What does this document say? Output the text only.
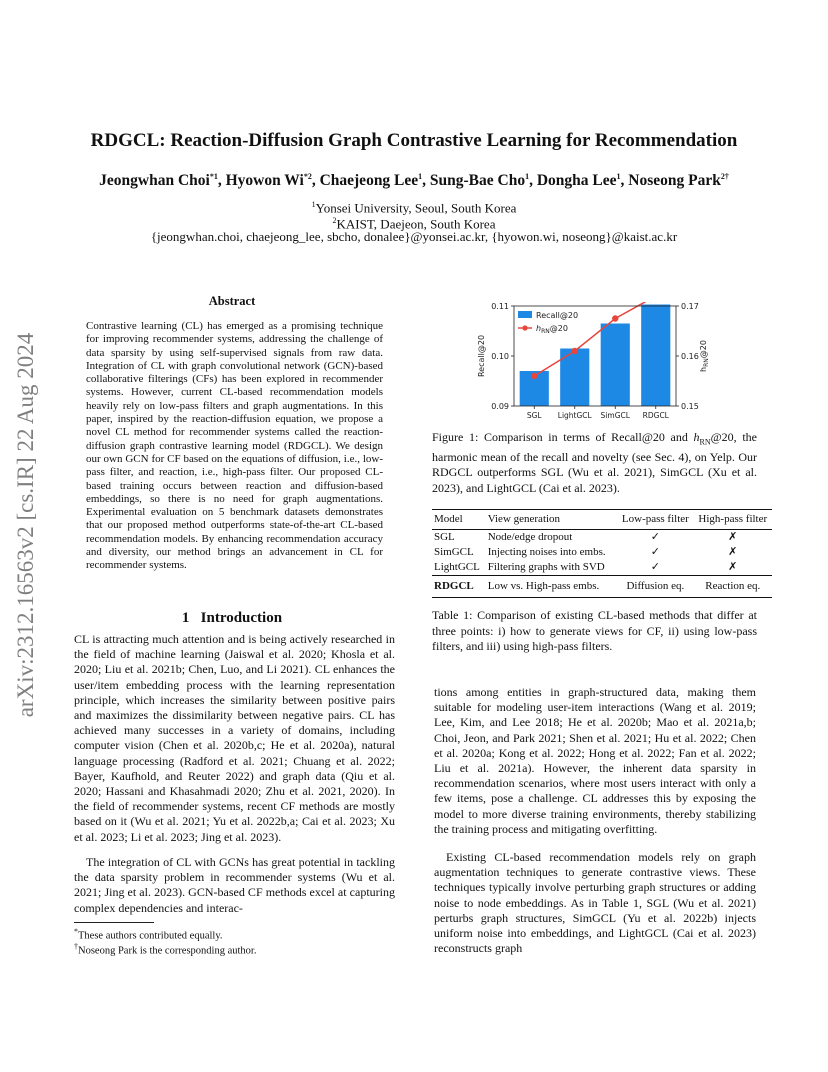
arXiv:2312.16563v2 [cs.IR] 22 Aug 2024
RDGCL: Reaction-Diffusion Graph Contrastive Learning for Recommendation
Jeongwhan Choi$^{*1}$, Hyowon Wi$^{*2}$, Chaejeong Lee$^1$, Sung-Bae Cho$^1$, Dongha Lee$^1$, Noseong Park$^{2\dagger}$
$^1$Yonsei University, Seoul, South Korea
$^2$KAIST, Daejeon, South Korea
{jeongwhan.choi, chaejeong_lee, sbcho, donalee}@yonsei.ac.kr, {hyowon.wi, noseong}@kaist.ac.kr
Abstract
Contrastive learning (CL) has emerged as a promising technique for improving recommender systems, addressing the challenge of data sparsity by using self-supervised signals from raw data. Integration of CL with graph convolutional network (GCN)-based collaborative filterings (CFs) has been explored in recommender systems. However, current CL-based recommendation models heavily rely on low-pass filters and graph augmentations. In this paper, inspired by the reaction-diffusion equation, we propose a novel CL method for recommender systems called the reaction-diffusion graph contrastive learning model (RDGCL). We design our own GCN for CF based on the equations of diffusion, i.e., low-pass filter, and reaction, i.e., high-pass filter. Our proposed CL-based training occurs between reaction and diffusion-based embeddings, so there is no need for graph augmentations. Experimental evaluation on 5 benchmark datasets demonstrates that our proposed method outperforms state-of-the-art CL-based recommendation models. By enhancing recommendation accuracy and diversity, our method brings an advancement in CL for recommender systems.
1 Introduction
CL is attracting much attention and is being actively researched in the field of machine learning (Jaiswal et al. 2020; Khosla et al. 2020; Liu et al. 2021b; Chen, Luo, and Li 2021). CL enhances the user/item embedding process with the learning representation principle, which increases the similarity between positive pairs and maximizes the dissimilarity between negative pairs. CL has achieved many successes in a variety of domains, including computer vision (Chen et al. 2020b,c; He et al. 2020a), natural language processing (Radford et al. 2021; Chuang et al. 2022; Bayer, Kaufhold, and Reuter 2022) and graph data (Qiu et al. 2020; Hassani and Khasahmadi 2020; Zhu et al. 2021, 2020). In the field of recommender systems, recent CF methods are mostly based on it (Wu et al. 2021; Yu et al. 2022b,a; Cai et al. 2023; Xu et al. 2023; Li et al. 2023; Jing et al. 2023).
The integration of CL with GCNs has great potential in tackling the data sparsity problem in recommender systems (Wu et al. 2021; Jing et al. 2023). GCN-based CF methods excel at capturing complex dependencies and interac-
*These authors contributed equally.
†Noseong Park is the corresponding author.
0.09
0.10
0.11
0.15
0.16
0.17
SGL LightGCL SimGCL RDGCL
Recall@20	$h_{RN}@20$
Recall@20
$h_{RN}@20$
Figure 1: Comparison in terms of Recall@20 and $h_{RN}@20$, the harmonic mean of the recall and novelty (see Sec. 4), on Yelp. Our RDGCL outperforms SGL (Wu et al. 2021), SimGCL (Xu et al. 2023), and LightGCL (Cai et al. 2023).
Model	View generation	Low-pass filter	High-pass filter
SGL	Node/edge dropout	✓	✗
SimGCL	Injecting noises into embs.	✓	✗
LightGCL	Filtering graphs with SVD	✓	✗
RDGCL	Low vs. High-pass embs.	Diffusion eq.	Reaction eq.
Table 1: Comparison of existing CL-based methods that differ at three points: i) how to generate views for CF, ii) using low-pass filters, and iii) using high-pass filters.
tions among entities in graph-structured data, making them suitable for modeling user-item interactions (Wang et al. 2019; Lee, Kim, and Lee 2018; He et al. 2020b; Mao et al. 2021a,b; Choi, Jeon, and Park 2021; Shen et al. 2021; Hu et al. 2022; Chen et al. 2020a; Kong et al. 2022; Hong et al. 2022; Fan et al. 2022; Liu et al. 2021a). However, the inherent data sparsity in recommendation scenarios, where most users interact with only a few items, pose a challenge. CL addresses this by exposing the model to more diverse training environments, thereby stabilizing the training process and mitigating overfitting.
Existing CL-based recommendation models rely on graph augmentation techniques to generate contrastive views. These techniques typically involve perturbing graph structures or adding noise to node embeddings. As in Table 1, SGL (Wu et al. 2021) perturbs graph structures, SimGCL (Yu et al. 2022b) injects uniform noise into embeddings, and LightGCL (Cai et al. 2023) reconstructs graph
